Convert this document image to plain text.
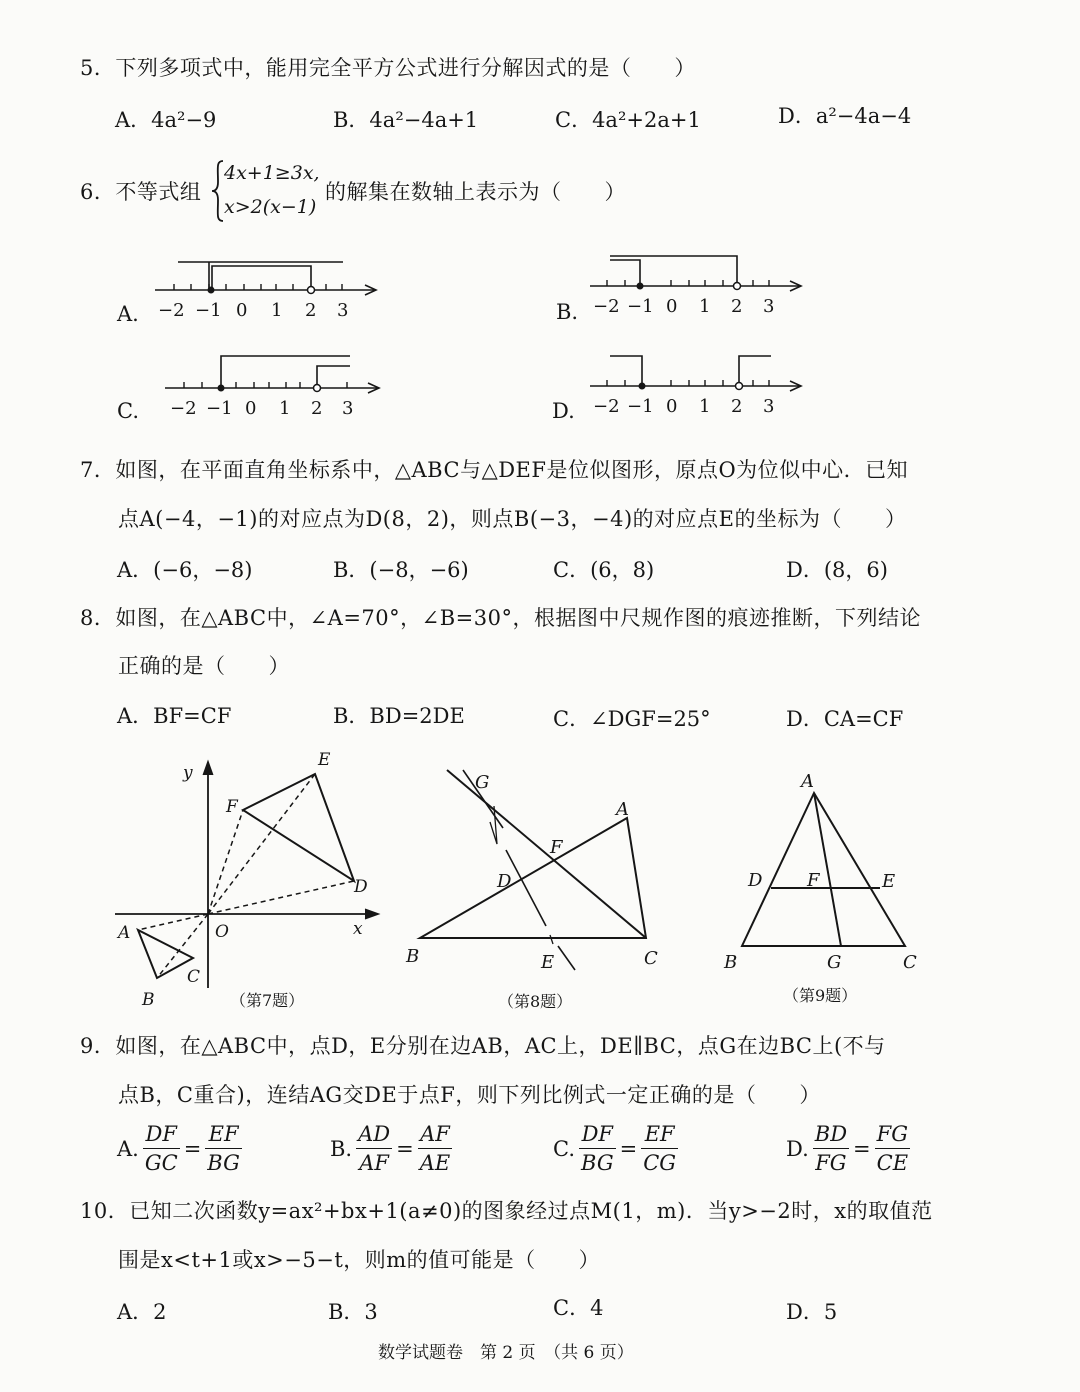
5．下列多项式中，能用完全平方公式进行分解因式的是（　　）
A．4a²−9	B．4a²−4a+1	C．4a²+2a+1	D．a²−4a−4
6．不等式组
4x+1≥3x,
x>2(x−1)
的解集在数轴上表示为（　　）
A.	B.
C.	D.
−2 −1 0 1 2 3	−2 −1 0 1 2 3
−2 −1 0 1 2 3	−2 −1 0 1 2 3
7．如图，在平面直角坐标系中，△ABC与△DEF是位似图形，原点O为位似中心．已知
点A(−4，−1)的对应点为D(8，2)，则点B(−3，−4)的对应点E的坐标为（　　）
A．(−6，−8)	B．(−8，−6)	C．(6，8)	D．(8，6)
8．如图，在△ABC中，∠A=70°，∠B=30°，根据图中尺规作图的痕迹推断，下列结论
正确的是（　　）
A．BF=CF	B．BD=2DE	C．∠DGF=25°	D．CA=CF
y
x
O
A
B
C
D
E
F
（第7题）
G
A
F
D
B	C
E
（第8题）
A
D F	E
B	G	C
（第9题）
9．如图，在△ABC中，点D，E分别在边AB，AC上，DE∥BC，点G在边BC上(不与
点B，C重合)，连结AG交DE于点F，则下列比例式一定正确的是（　　）
A. $\frac{DF}{GC} = \frac{EF}{BG}$	B. $\frac{AD}{AF} = \frac{AF}{AE}$	C. $\frac{DF}{BG} = \frac{EF}{CG}$	D. $\frac{BD}{FG} = \frac{FG}{CE}$
10．已知二次函数y=ax²+bx+1(a≠0)的图象经过点M(1，m)．当y>−2时，x的取值范
围是x<t+1或x>−5−t，则m的值可能是（　　）
A．2	B．3	C．4	D．5
数学试题卷　第 2 页　（共 6 页）
